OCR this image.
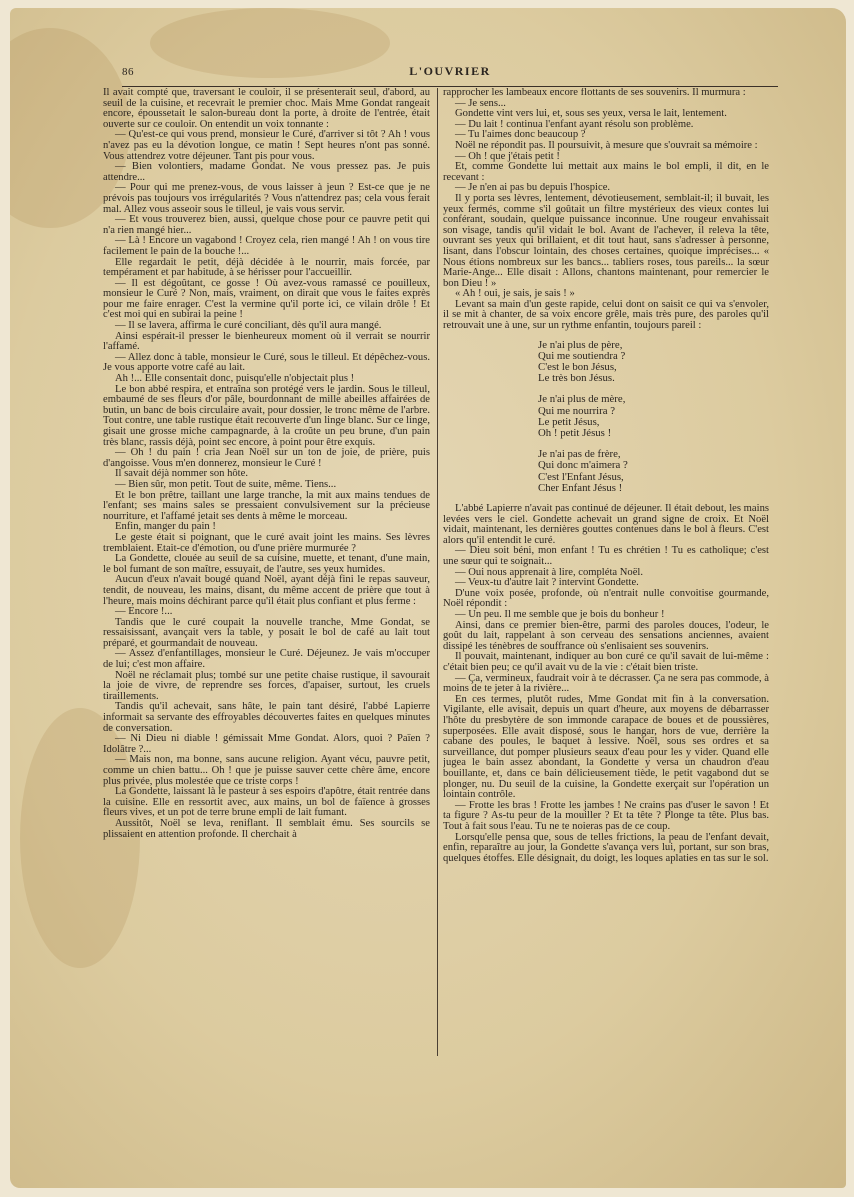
86	L'OUVRIER

Il avait compté que, traversant le couloir, il se présenterait seul, d'abord, au seuil de la cuisine, et recevrait le premier choc. Mais Mme Gondat rangeait encore, époussetait le salon-bureau dont la porte, à droite de l'entrée, était ouverte sur ce couloir. On entendit un voix tonnante :

— Qu'est-ce qui vous prend, monsieur le Curé, d'arriver si tôt ? Ah ! vous n'avez pas eu la dévotion longue, ce matin ! Sept heures n'ont pas sonné. Vous attendrez votre déjeuner. Tant pis pour vous.

— Bien volontiers, madame Gondat. Ne vous pressez pas. Je puis attendre...

— Pour qui me prenez-vous, de vous laisser à jeun ? Est-ce que je ne prévois pas toujours vos irrégularités ? Vous n'attendrez pas; cela vous ferait mal. Allez vous asseoir sous le tilleul, je vais vous servir.

— Et vous trouverez bien, aussi, quelque chose pour ce pauvre petit qui n'a rien mangé hier...

— Là ! Encore un vagabond ! Croyez cela, rien mangé ! Ah ! on vous tire facilement le pain de la bouche !...

Elle regardait le petit, déjà décidée à le nourrir, mais forcée, par tempérament et par habitude, à se hérisser pour l'accueillir.

— Il est dégoûtant, ce gosse ! Où avez-vous ramassé ce pouilleux, monsieur le Curé ? Non, mais, vraiment, on dirait que vous le faites exprès pour me faire enrager. C'est la vermine qu'il porte ici, ce vilain drôle ! Et c'est moi qui en subirai la peine !

— Il se lavera, affirma le curé conciliant, dès qu'il aura mangé.

Ainsi espérait-il presser le bienheureux moment où il verrait se nourrir l'affamé.

— Allez donc à table, monsieur le Curé, sous le tilleul. Et dépêchez-vous. Je vous apporte votre café au lait.

Ah !... Elle consentait donc, puisqu'elle n'objectait plus !

Le bon abbé respira, et entraîna son protégé vers le jardin. Sous le tilleul, embaumé de ses fleurs d'or pâle, bourdonnant de mille abeilles affairées de butin, un banc de bois circulaire avait, pour dossier, le tronc même de l'arbre. Tout contre, une table rustique était recouverte d'un linge blanc. Sur ce linge, gisait une grosse miche campagnarde, à la croûte un peu brune, d'un pain très blanc, rassis déjà, point sec encore, à point pour être exquis.

— Oh ! du pain ! cria Jean Noël sur un ton de joie, de prière, puis d'angoisse. Vous m'en donnerez, monsieur le Curé !

Il savait déjà nommer son hôte.

— Bien sûr, mon petit. Tout de suite, même. Tiens...

Et le bon prêtre, taillant une large tranche, la mit aux mains tendues de l'enfant; ses mains sales se pressaient convulsivement sur la précieuse nourriture, et l'affamé jetait ses dents à même le morceau.

Enfin, manger du pain !

Le geste était si poignant, que le curé avait joint les mains. Ses lèvres tremblaient. Etait-ce d'émotion, ou d'une prière murmurée ?

La Gondette, clouée au seuil de sa cuisine, muette, et tenant, d'une main, le bol fumant de son maître, essuyait, de l'autre, ses yeux humides.

Aucun d'eux n'avait bougé quand Noël, ayant déjà fini le repas sauveur, tendit, de nouveau, les mains, disant, du même accent de prière que tout à l'heure, mais moins déchirant parce qu'il était plus confiant et plus ferme :

— Encore !...

Tandis que le curé coupait la nouvelle tranche, Mme Gondat, se ressaisissant, avançait vers la table, y posait le bol de café au lait tout préparé, et gourmandait de nouveau.

— Assez d'enfantillages, monsieur le Curé. Déjeunez. Je vais m'occuper de lui; c'est mon affaire.

Noël ne réclamait plus; tombé sur une petite chaise rustique, il savourait la joie de vivre, de reprendre ses forces, d'apaiser, surtout, les cruels tiraillements.

Tandis qu'il achevait, sans hâte, le pain tant désiré, l'abbé Lapierre informait sa servante des effroyables découvertes faites en quelques minutes de conversation.

— Ni Dieu ni diable ! gémissait Mme Gondat. Alors, quoi ? Païen ? Idolâtre ?...

— Mais non, ma bonne, sans aucune religion. Ayant vécu, pauvre petit, comme un chien battu... Oh ! que je puisse sauver cette chère âme, encore plus privée, plus molestée que ce triste corps !

La Gondette, laissant là le pasteur à ses espoirs d'apôtre, était rentrée dans la cuisine. Elle en ressortit avec, aux mains, un bol de faïence à grosses fleurs vives, et un pot de terre brune empli de lait fumant.

Aussitôt, Noël se leva, reniflant. Il semblait ému. Ses sourcils se plissaient en attention profonde. Il cherchait à

rapprocher les lambeaux encore flottants de ses souvenirs. Il murmura :

— Je sens...

Gondette vint vers lui, et, sous ses yeux, versa le lait, lentement.

— Du lait ! continua l'enfant ayant résolu son problème.

— Tu l'aimes donc beaucoup ?

Noël ne répondit pas. Il poursuivit, à mesure que s'ouvrait sa mémoire :

— Oh ! que j'étais petit !

Et, comme Gondette lui mettait aux mains le bol empli, il dit, en le recevant :

— Je n'en ai pas bu depuis l'hospice.

Il y porta ses lèvres, lentement, dévotieusement, semblait-il; il buvait, les yeux fermés, comme s'il goûtait un filtre mystérieux des vieux contes lui conférant, soudain, quelque puissance inconnue. Une rougeur envahissait son visage, tandis qu'il vidait le bol. Avant de l'achever, il releva la tête, ouvrant ses yeux qui brillaient, et dit tout haut, sans s'adresser à personne, lisant, dans l'obscur lointain, des choses certaines, quoique imprécises... « Nous étions nombreux sur les bancs... tabliers roses, tous pareils... la sœur Marie-Ange... Elle disait : Allons, chantons maintenant, pour remercier le bon Dieu ! »

« Ah ! oui, je sais, je sais ! »

Levant sa main d'un geste rapide, celui dont on saisit ce qui va s'envoler, il se mit à chanter, de sa voix encore grêle, mais très pure, des paroles qu'il retrouvait une à une, sur un rythme enfantin, toujours pareil :

Je n'ai plus de père,
Qui me soutiendra ?
C'est le bon Jésus,
Le très bon Jésus.
Je n'ai plus de mère,
Qui me nourrira ?
Le petit Jésus,
Oh ! petit Jésus !
Je n'ai pas de frère,
Qui donc m'aimera ?
C'est l'Enfant Jésus,
Cher Enfant Jésus !

L'abbé Lapierre n'avait pas continué de déjeuner. Il était debout, les mains levées vers le ciel. Gondette achevait un grand signe de croix. Et Noël vidait, maintenant, les dernières gouttes contenues dans le bol à fleurs. C'est alors qu'il entendit le curé.

— Dieu soit béni, mon enfant ! Tu es chrétien ! Tu es catholique; c'est une sœur qui te soignait...

— Oui nous apprenait à lire, compléta Noël.

— Veux-tu d'autre lait ? intervint Gondette.

D'une voix posée, profonde, où n'entrait nulle convoitise gourmande, Noël répondit :

— Un peu. Il me semble que je bois du bonheur !

Ainsi, dans ce premier bien-être, parmi des paroles douces, l'odeur, le goût du lait, rappelant à son cerveau des sensations anciennes, avaient dissipé les ténèbres de souffrance où s'enlisaient ses souvenirs.

Il pouvait, maintenant, indiquer au bon curé ce qu'il savait de lui-même : c'était bien peu; ce qu'il avait vu de la vie : c'était bien triste.

— Ça, vermineux, faudrait voir à te décrasser. Ça ne sera pas commode, à moins de te jeter à la rivière...

En ces termes, plutôt rudes, Mme Gondat mit fin à la conversation. Vigilante, elle avisait, depuis un quart d'heure, aux moyens de débarrasser l'hôte du presbytère de son immonde carapace de boues et de poussières, superposées. Elle avait disposé, sous le hangar, hors de vue, derrière la cabane des poules, le baquet à lessive. Noël, sous ses ordres et sa surveillance, dut pomper plusieurs seaux d'eau pour les y vider. Quand elle jugea le bain assez abondant, la Gondette y versa un chaudron d'eau bouillante, et, dans ce bain délicieusement tiède, le petit vagabond dut se plonger, nu. Du seuil de la cuisine, la Gondette exerçait sur l'opération un lointain contrôle.

— Frotte les bras ! Frotte les jambes ! Ne crains pas d'user le savon ! Et ta figure ? As-tu peur de la mouiller ? Et ta tête ? Plonge ta tête. Plus bas. Tout à fait sous l'eau. Tu ne te noieras pas de ce coup.

Lorsqu'elle pensa que, sous de telles frictions, la peau de l'enfant devait, enfin, reparaître au jour, la Gondette s'avança vers lui, portant, sur son bras, quelques étoffes. Elle désignait, du doigt, les loques aplaties en tas sur le sol.
